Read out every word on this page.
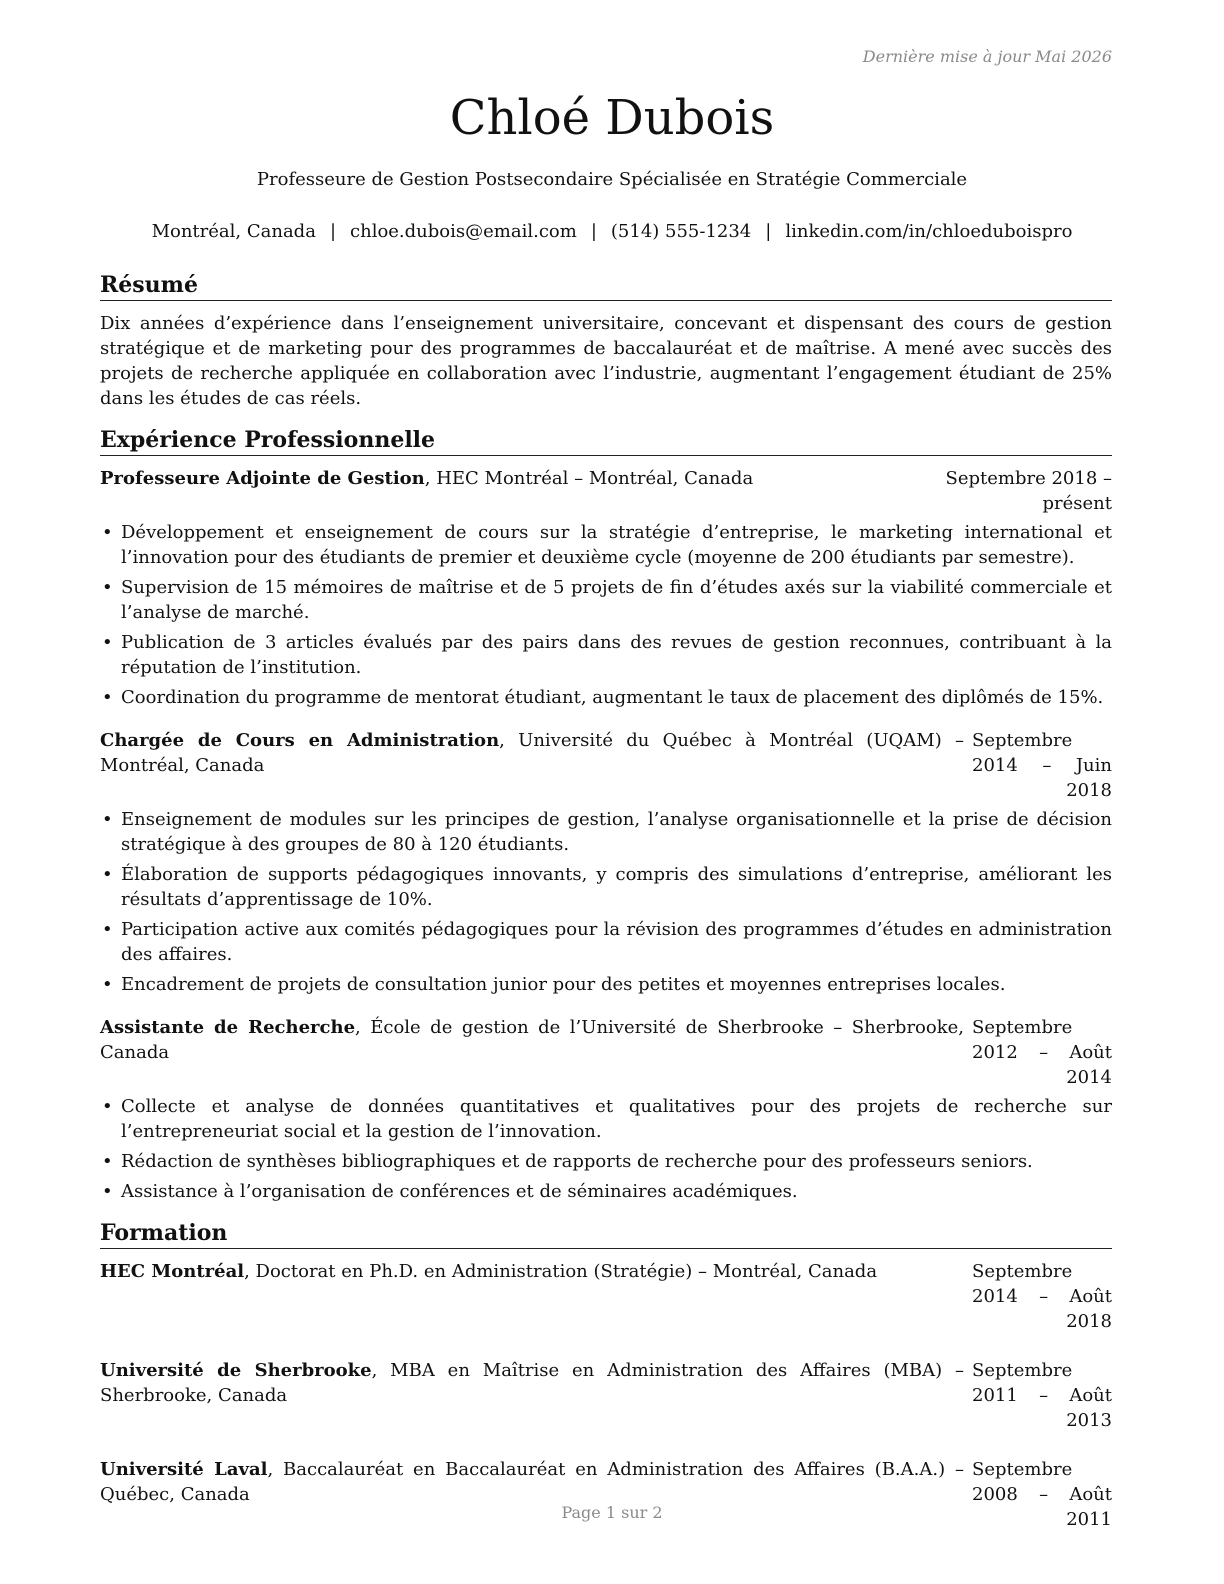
Dernière mise à jour Mai 2026
Chloé Dubois
Professeure de Gestion Postsecondaire Spécialisée en Stratégie Commerciale
Montréal, Canada | chloe.dubois@email.com | (514) 555-1234 | linkedin.com/in/chloeduboispro
Résumé

Dix années d’expérience dans l’enseignement universitaire, concevant et dispensant des cours de gestion stratégique et de marketing pour des programmes de baccalauréat et de maîtrise. A mené avec succès des projets de recherche appliquée en collaboration avec l’industrie, augmentant l’engagement étudiant de 25% dans les études de cas réels.

Expérience Professionnelle
Professeure Adjointe de Gestion, HEC Montréal – Montréal, Canada	Septembre 2018 – présent
• Développement et enseignement de cours sur la stratégie d’entreprise, le marketing international et l’innovation pour des étudiants de premier et deuxième cycle (moyenne de 200 étudiants par semestre).
• Supervision de 15 mémoires de maîtrise et de 5 projets de fin d’études axés sur la viabilité commerciale et l’analyse de marché.
• Publication de 3 articles évalués par des pairs dans des revues de gestion reconnues, contribuant à la réputation de l’institution.
• Coordination du programme de mentorat étudiant, augmentant le taux de placement des diplômés de 15%.
Chargée de Cours en Administration, Université du Québec à Montréal (UQAM) – Montréal, Canada
Septembre 2014 – Juin 2018
• Enseignement de modules sur les principes de gestion, l’analyse organisationnelle et la prise de décision stratégique à des groupes de 80 à 120 étudiants.
• Élaboration de supports pédagogiques innovants, y compris des simulations d’entreprise, améliorant les résultats d’apprentissage de 10%.
• Participation active aux comités pédagogiques pour la révision des programmes d’études en administration des affaires.
• Encadrement de projets de consultation junior pour des petites et moyennes entreprises locales.
Assistante de Recherche, École de gestion de l’Université de Sherbrooke – Sherbrooke, Canada
Septembre 2012 – Août 2014
• Collecte et analyse de données quantitatives et qualitatives pour des projets de recherche sur l’entrepreneuriat social et la gestion de l’innovation.
• Rédaction de synthèses bibliographiques et de rapports de recherche pour des professeurs seniors.
• Assistance à l’organisation de conférences et de séminaires académiques.
Formation
HEC Montréal, Doctorat en Ph.D. en Administration (Stratégie) – Montréal, Canada	Septembre 2014 – Août 2018
Université de Sherbrooke, MBA en Maîtrise en Administration des Affaires (MBA) – Sherbrooke, Canada
Septembre 2011 – Août 2013
Université Laval, Baccalauréat en Baccalauréat en Administration des Affaires (B.A.A.) – Québec, Canada
Septembre 2008 – Août 2011
Page 1 sur 2
